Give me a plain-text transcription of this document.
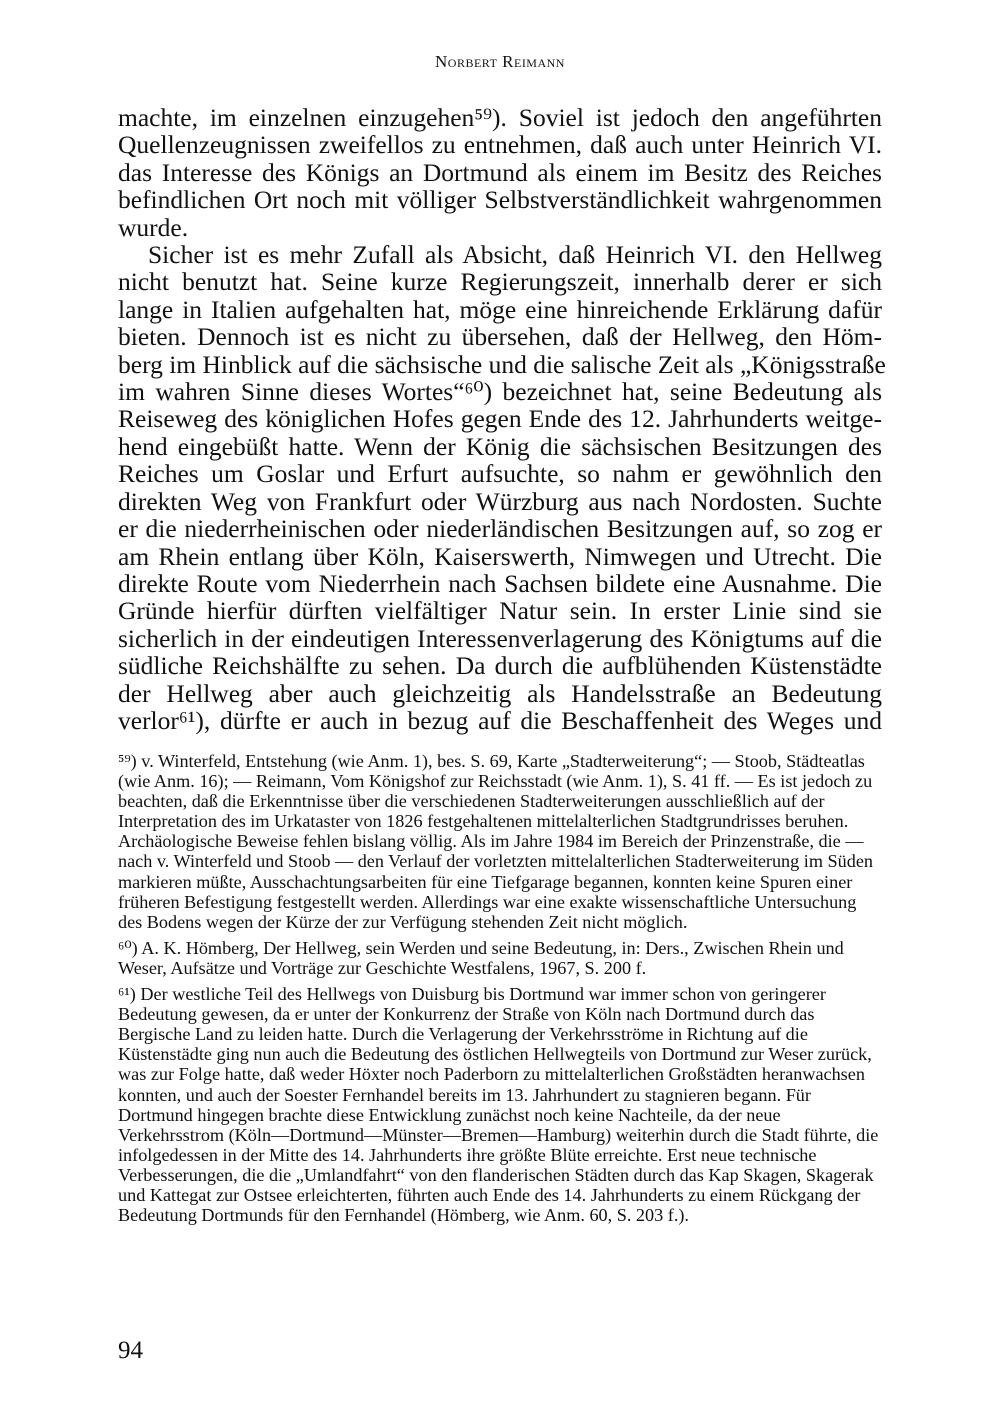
Norbert Reimann
machte, im einzelnen einzugehen⁵⁹). Soviel ist jedoch den angeführten
Quellenzeugnissen zweifellos zu entnehmen, daß auch unter Heinrich VI.
das Interesse des Königs an Dortmund als einem im Besitz des Reiches
befindlichen Ort noch mit völliger Selbstverständlichkeit wahrgenommen
wurde.
Sicher ist es mehr Zufall als Absicht, daß Heinrich VI. den Hellweg
nicht benutzt hat. Seine kurze Regierungszeit, innerhalb derer er sich
lange in Italien aufgehalten hat, möge eine hinreichende Erklärung dafür
bieten. Dennoch ist es nicht zu übersehen, daß der Hellweg, den Höm-
berg im Hinblick auf die sächsische und die salische Zeit als „Königsstraße
im wahren Sinne dieses Wortes“⁶⁰) bezeichnet hat, seine Bedeutung als
Reiseweg des königlichen Hofes gegen Ende des 12. Jahrhunderts weitge-
hend eingebüßt hatte. Wenn der König die sächsischen Besitzungen des
Reiches um Goslar und Erfurt aufsuchte, so nahm er gewöhnlich den
direkten Weg von Frankfurt oder Würzburg aus nach Nordosten. Suchte
er die niederrheinischen oder niederländischen Besitzungen auf, so zog er
am Rhein entlang über Köln, Kaiserswerth, Nimwegen und Utrecht. Die
direkte Route vom Niederrhein nach Sachsen bildete eine Ausnahme. Die
Gründe hierfür dürften vielfältiger Natur sein. In erster Linie sind sie
sicherlich in der eindeutigen Interessenverlagerung des Königtums auf die
südliche Reichshälfte zu sehen. Da durch die aufblühenden Küstenstädte
der Hellweg aber auch gleichzeitig als Handelsstraße an Bedeutung
verlor⁶¹), dürfte er auch in bezug auf die Beschaffenheit des Weges und

⁵⁹) v. Winterfeld, Entstehung (wie Anm. 1), bes. S. 69, Karte „Stadterweiterung“; — Stoob, Städteatlas (wie Anm. 16); — Reimann, Vom Königshof zur Reichsstadt (wie Anm. 1), S. 41 ff. — Es ist jedoch zu beachten, daß die Erkenntnisse über die verschiedenen Stadterweiterungen ausschließlich auf der Interpretation des im Urkataster von 1826 festgehaltenen mittelalterlichen Stadtgrundrisses beruhen. Archäologische Beweise fehlen bislang völlig. Als im Jahre 1984 im Bereich der Prinzenstraße, die — nach v. Winterfeld und Stoob — den Verlauf der vorletzten mittelalterlichen Stadterweiterung im Süden markieren müßte, Ausschachtungsarbeiten für eine Tiefgarage begannen, konnten keine Spuren einer früheren Befestigung festgestellt werden. Allerdings war eine exakte wissenschaftliche Untersuchung des Bodens wegen der Kürze der zur Verfügung stehenden Zeit nicht möglich.

⁶⁰) A. K. Hömberg, Der Hellweg, sein Werden und seine Bedeutung, in: Ders., Zwischen Rhein und Weser, Aufsätze und Vorträge zur Geschichte Westfalens, 1967, S. 200 f.

⁶¹) Der westliche Teil des Hellwegs von Duisburg bis Dortmund war immer schon von geringerer Bedeutung gewesen, da er unter der Konkurrenz der Straße von Köln nach Dortmund durch das Bergische Land zu leiden hatte. Durch die Verlagerung der Verkehrsströme in Richtung auf die Küstenstädte ging nun auch die Bedeutung des östlichen Hellwegteils von Dortmund zur Weser zurück, was zur Folge hatte, daß weder Höxter noch Paderborn zu mittelalterlichen Großstädten heranwachsen konnten, und auch der Soester Fernhandel bereits im 13. Jahrhundert zu stagnieren begann. Für Dortmund hingegen brachte diese Entwicklung zunächst noch keine Nachteile, da der neue Verkehrsstrom (Köln—Dortmund—Münster—Bremen—Hamburg) weiterhin durch die Stadt führte, die infolgedessen in der Mitte des 14. Jahrhunderts ihre größte Blüte erreichte. Erst neue technische Verbesserungen, die die „Umlandfahrt“ von den flanderischen Städten durch das Kap Skagen, Skagerak und Kattegat zur Ostsee erleichterten, führten auch Ende des 14. Jahrhunderts zu einem Rückgang der Bedeutung Dortmunds für den Fernhandel (Hömberg, wie Anm. 60, S. 203 f.).

94
